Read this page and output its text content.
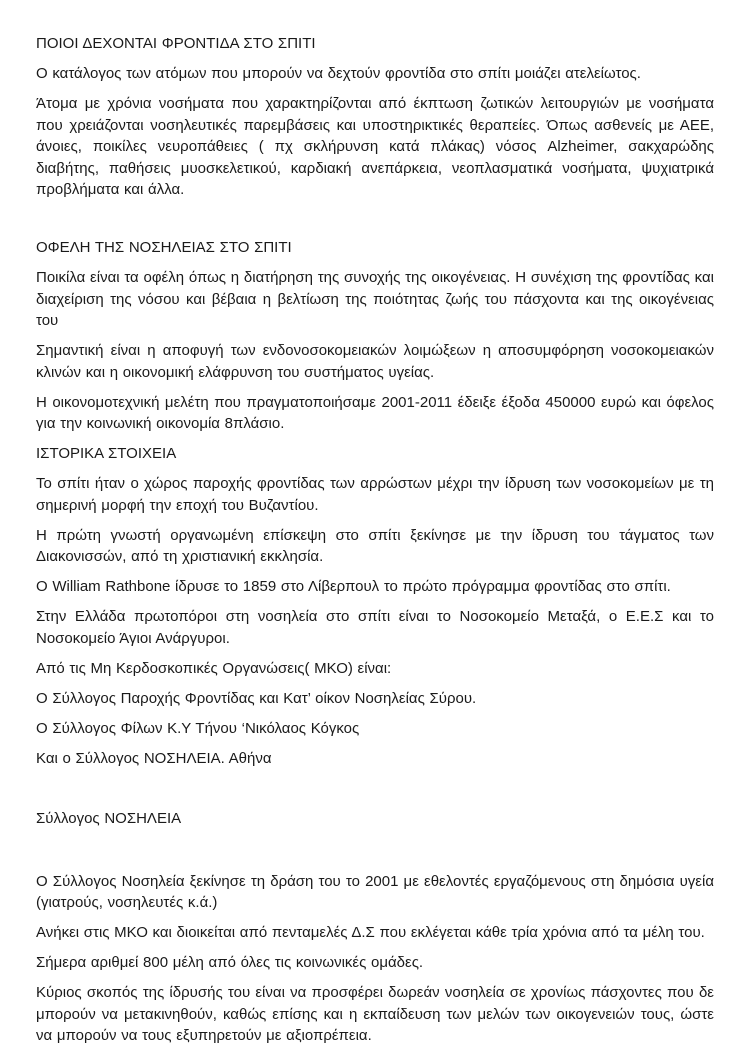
ΠΟΙΟΙ ΔΕΧΟΝΤΑΙ ΦΡΟΝΤΙΔΑ ΣΤΟ ΣΠΙΤΙ

Ο κατάλογος των ατόμων που μπορούν να δεχτούν φροντίδα στο σπίτι μοιάζει ατελείωτος.

Άτομα με χρόνια νοσήματα που χαρακτηρίζονται από έκπτωση ζωτικών λειτουργιών με νοσήματα που χρειάζονται νοσηλευτικές παρεμβάσεις και υποστηρικτικές θεραπείες. Όπως ασθενείς με ΑΕΕ, άνοιες, ποικίλες νευροπάθειες ( πχ σκλήρυνση κατά πλάκας) νόσος Alzheimer, σακχαρώδης διαβήτης, παθήσεις μυοσκελετικού, καρδιακή ανεπάρκεια, νεοπλασματικά νοσήματα, ψυχιατρικά προβλήματα και άλλα.

ΟΦΕΛΗ ΤΗΣ ΝΟΣΗΛΕΙΑΣ ΣΤΟ ΣΠΙΤΙ

Ποικίλα είναι τα οφέλη όπως η διατήρηση της συνοχής της οικογένειας. Η συνέχιση της φροντίδας και διαχείριση της νόσου και βέβαια η βελτίωση της ποιότητας ζωής του πάσχοντα και της οικογένειας του

Σημαντική είναι η αποφυγή των ενδονοσοκομειακών λοιμώξεων η αποσυμφόρηση νοσοκομειακών κλινών και η οικονομική ελάφρυνση του συστήματος υγείας.

Η οικονομοτεχνική μελέτη που πραγματοποιήσαμε 2001-2011 έδειξε έξοδα 450000 ευρώ και όφελος για την κοινωνική οικονομία 8πλάσιο.

ΙΣΤΟΡΙΚΑ ΣΤΟΙΧΕΙΑ

Το σπίτι ήταν ο χώρος παροχής φροντίδας των αρρώστων μέχρι την ίδρυση των νοσοκομείων με τη σημερινή μορφή την εποχή του Βυζαντίου.

Η πρώτη γνωστή οργανωμένη επίσκεψη στο σπίτι ξεκίνησε με την ίδρυση του τάγματος των Διακονισσών, από τη χριστιανική εκκλησία.

Ο William Rathbone ίδρυσε το 1859 στο Λίβερπουλ το πρώτο πρόγραμμα φροντίδας στο σπίτι.

Στην Ελλάδα πρωτοπόροι στη νοσηλεία στο σπίτι είναι το Νοσοκομείο Μεταξά, ο Ε.Ε.Σ και το Νοσοκομείο Άγιοι Ανάργυροι.

Από τις Μη Κερδοσκοπικές Οργανώσεις( ΜΚΟ) είναι:

Ο Σύλλογος Παροχής Φροντίδας και Κατ’ οίκον Νοσηλείας Σύρου.

Ο Σύλλογος Φίλων Κ.Υ Τήνου ‘Νικόλαος Κόγκος

Και ο Σύλλογος ΝΟΣΗΛΕΙΑ. Αθήνα

Σύλλογος ΝΟΣΗΛΕΙΑ

Ο Σύλλογος Νοσηλεία ξεκίνησε τη δράση του το 2001 με εθελοντές εργαζόμενους στη δημόσια υγεία (γιατρούς, νοσηλευτές κ.ά.)

Ανήκει στις ΜΚΟ και διοικείται από πενταμελές Δ.Σ που εκλέγεται κάθε τρία χρόνια από τα μέλη του.

Σήμερα αριθμεί 800 μέλη από όλες τις κοινωνικές ομάδες.

Κύριος σκοπός της ίδρυσής του είναι να προσφέρει δωρεάν νοσηλεία σε χρονίως πάσχοντες που δε μπορούν να μετακινηθούν, καθώς επίσης και η εκπαίδευση των μελών των οικογενειών τους, ώστε να μπορούν να τους εξυπηρετούν με αξιοπρέπεια.
